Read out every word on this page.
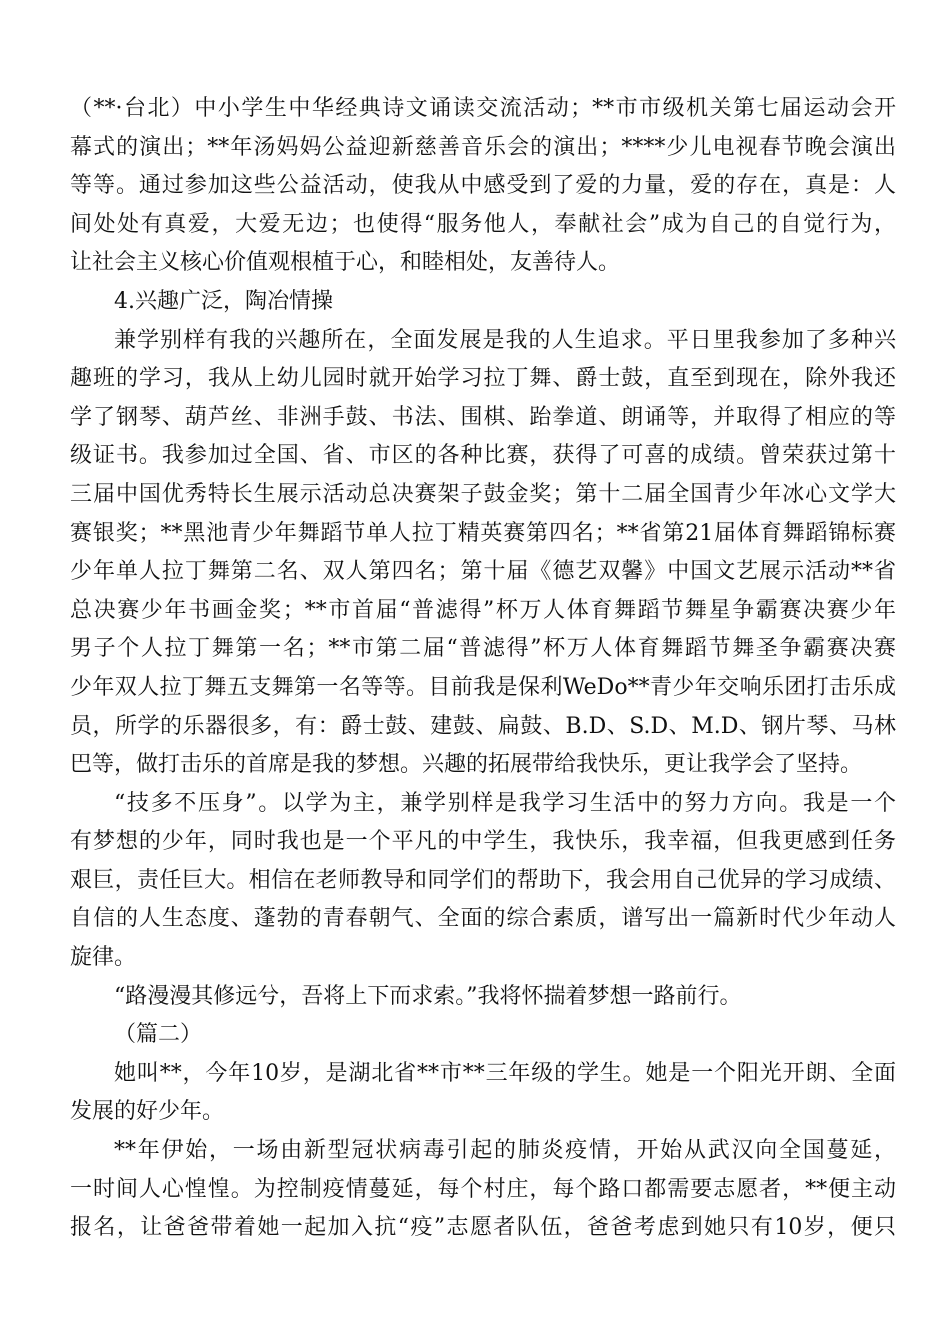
（**·台北）中小学生中华经典诗文诵读交流活动；**市市级机关第七届运动会开
幕式的演出；**年汤妈妈公益迎新慈善音乐会的演出；****少儿电视春节晚会演出
等等。通过参加这些公益活动，使我从中感受到了爱的力量，爱的存在，真是：人
间处处有真爱，大爱无边；也使得“服务他人，奉献社会”成为自己的自觉行为，
让社会主义核心价值观根植于心，和睦相处，友善待人。
4.兴趣广泛，陶冶情操
兼学别样有我的兴趣所在，全面发展是我的人生追求。平日里我参加了多种兴
趣班的学习，我从上幼儿园时就开始学习拉丁舞、爵士鼓，直至到现在，除外我还
学了钢琴、葫芦丝、非洲手鼓、书法、围棋、跆拳道、朗诵等，并取得了相应的等
级证书。我参加过全国、省、市区的各种比赛，获得了可喜的成绩。曾荣获过第十
三届中国优秀特长生展示活动总决赛架子鼓金奖；第十二届全国青少年冰心文学大
赛银奖；**黑池青少年舞蹈节单人拉丁精英赛第四名；**省第21届体育舞蹈锦标赛
少年单人拉丁舞第二名、双人第四名；第十届《德艺双馨》中国文艺展示活动**省
总决赛少年书画金奖；**市首届“普滤得”杯万人体育舞蹈节舞星争霸赛决赛少年
男子个人拉丁舞第一名；**市第二届“普滤得”杯万人体育舞蹈节舞圣争霸赛决赛
少年双人拉丁舞五支舞第一名等等。目前我是保利WeDo**青少年交响乐团打击乐成
员，所学的乐器很多，有：爵士鼓、建鼓、扁鼓、B.D、S.D、M.D、钢片琴、马林
巴等，做打击乐的首席是我的梦想。兴趣的拓展带给我快乐，更让我学会了坚持。
“技多不压身”。以学为主，兼学别样是我学习生活中的努力方向。我是一个
有梦想的少年，同时我也是一个平凡的中学生，我快乐，我幸福，但我更感到任务
艰巨，责任巨大。相信在老师教导和同学们的帮助下，我会用自己优异的学习成绩、
自信的人生态度、蓬勃的青春朝气、全面的综合素质，谱写出一篇新时代少年动人
旋律。
“路漫漫其修远兮，吾将上下而求索。”我将怀揣着梦想一路前行。
（篇二）
她叫**，今年10岁，是湖北省**市**三年级的学生。她是一个阳光开朗、全面
发展的好少年。
**年伊始，一场由新型冠状病毒引起的肺炎疫情，开始从武汉向全国蔓延，
一时间人心惶惶。为控制疫情蔓延，每个村庄，每个路口都需要志愿者，**便主动
报名，让爸爸带着她一起加入抗“疫”志愿者队伍，爸爸考虑到她只有10岁，便只
